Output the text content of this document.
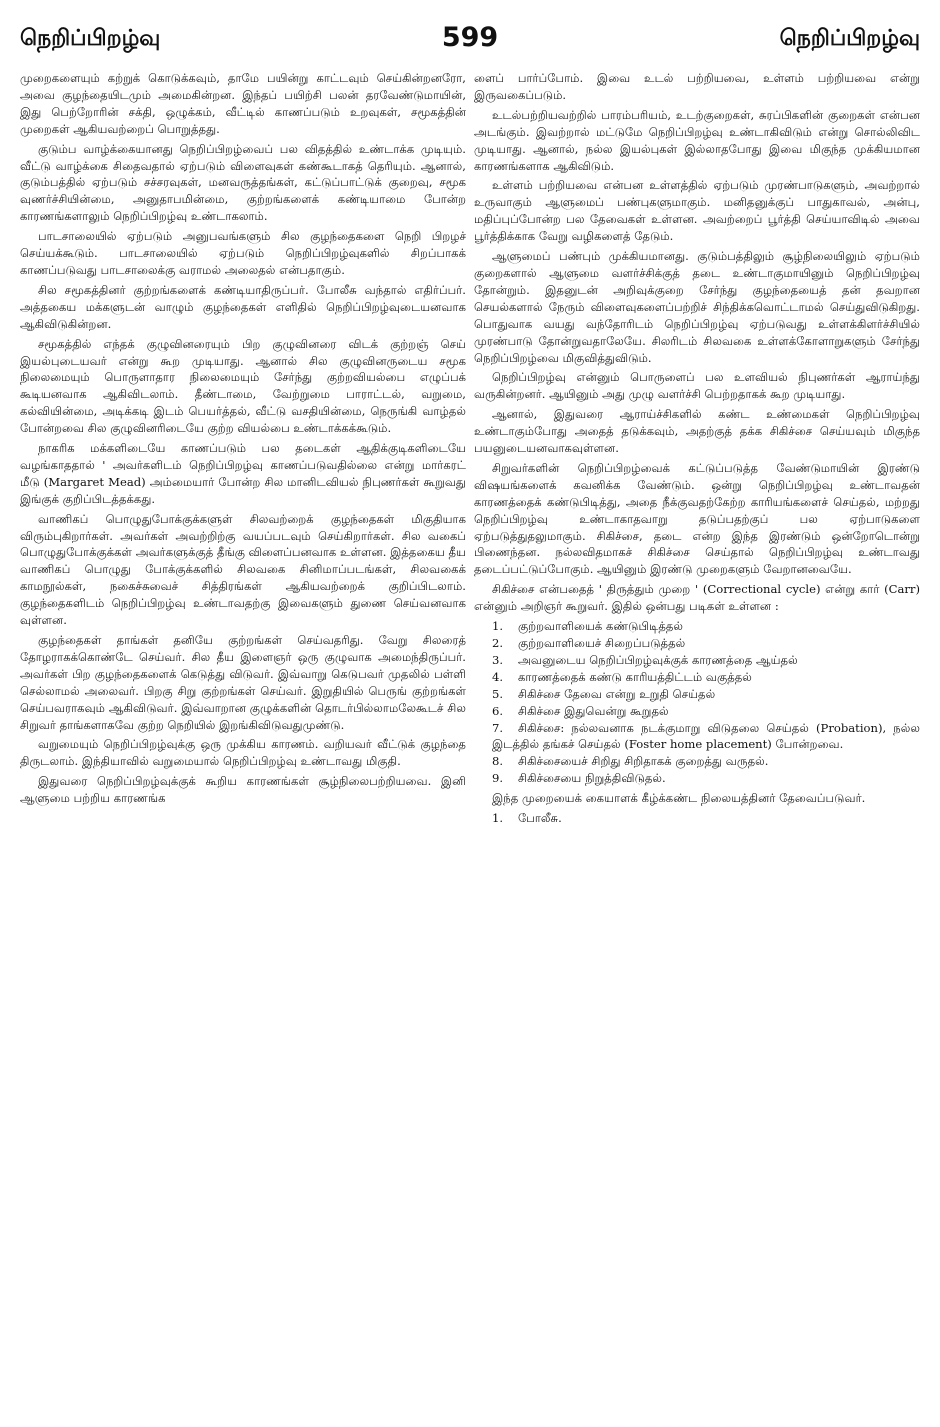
நெறிப்பிறழ்வு	599	நெறிப்பிறழ்வு

முறைகளையும் கற்றுக் கொடுக்கவும், தாமே பயின்று காட்டவும் செய்கின்றனரோ, அவை குழந்தையிடமும் அமைகின்றன. இந்தப் பயிற்சி பலன் தரவேண்டுமாயின், இது பெற்றோரின் சக்தி, ஒழுக்கம், வீட்டில் காணப்படும் உறவுகள், சமூகத்தின் முறைகள் ஆகியவற்றைப் பொறுத்தது.

குடும்ப வாழ்க்கையானது நெறிப்பிறழ்வைப் பல விதத்தில் உண்டாக்க முடியும். வீட்டு வாழ்க்கை சிதைவதால் ஏற்படும் விளைவுகள் கண்கூடாகத் தெரியும். ஆனால், குடும்பத்தில் ஏற்படும் சச்சரவுகள், மனவருத்தங்கள், கட்டுப்பாட்டுக் குறைவு, சமூக வுணர்ச்சியின்மை, அனுதாபமின்மை, குற்றங்களைக் கண்டியாமை போன்ற காரணங்களாலும் நெறிப்பிறழ்வு உண்டாகலாம்.

பாடசாலையில் ஏற்படும் அனுபவங்களும் சில குழந்தைகளை நெறி பிறழச் செய்யக்கூடும். பாடசாலையில் ஏற்படும் நெறிப்பிறழ்வுகளில் சிறப்பாகக் காணப்படுவது பாடசாலைக்கு வராமல் அலைதல் என்பதாகும்.

சில சமூகத்தினர் குற்றங்களைக் கண்டியாதிருப்பர். போலீசு வந்தால் எதிர்ப்பர். அத்தகைய மக்களுடன் வாழும் குழந்தைகள் எளிதில் நெறிப்பிறழ்வுடையனவாக ஆகிவிடுகின்றன.

சமூகத்தில் எந்தக் குழுவினரையும் பிற குழுவினரை விடக் குற்றஞ் செய் இயல்புடையவர் என்று கூற முடியாது. ஆனால் சில குழுவினருடைய சமூக நிலைமையும் பொருளாதார நிலைமையும் சேர்ந்து குற்றவியல்பை எழுப்பக் கூடியனவாக ஆகிவிடலாம். தீண்டாமை, வேற்றுமை பாராட்டல், வறுமை, கல்வியின்மை, அடிக்கடி இடம் பெயர்த்தல், வீட்டு வசதியின்மை, நெருங்கி வாழ்தல் போன்றவை சில குழுவினரிடையே குற்ற வியல்பை உண்டாக்கக்கூடும்.

நாகரிக மக்களிடையே காணப்படும் பல தடைகள் ஆதிக்குடிகளிடையே வழங்காததால் ' அவர்களிடம் நெறிப்பிறழ்வு காணப்படுவதில்லை என்று மார்கரட் மீடு (Margaret Mead) அம்மையார் போன்ற சில மானிடவியல் நிபுணர்கள் கூறுவது இங்குக் குறிப்பிடத்தக்கது.

வாணிகப் பொழுதுபோக்குக்களுள் சிலவற்றைக் குழந்தைகள் மிகுதியாக விரும்புகிறார்கள். அவர்கள் அவற்றிற்கு வயப்படவும் செய்கிறார்கள். சில வகைப் பொழுதுபோக்குக்கள் அவர்களுக்குத் தீங்கு விளைப்பனவாக உள்ளன. இத்தகைய தீய வாணிகப் பொழுது போக்குக்களில் சிலவகை சினிமாப்படங்கள், சிலவகைக் காமநூல்கள், நகைச்சுவைச் சித்திரங்கள் ஆகியவற்றைக் குறிப்பிடலாம். குழந்தைகளிடம் நெறிப்பிறழ்வு உண்டாவதற்கு இவைகளும் துணை செய்வனவாக வுள்ளன.

குழந்தைகள் தாங்கள் தனியே குற்றங்கள் செய்வதரிது. வேறு சிலரைத் தோழராகக்கொண்டே செய்வர். சில தீய இளைஞர் ஒரு குழுவாக அமைந்திருப்பர். அவர்கள் பிற குழந்தைகளைக் கெடுத்து விடுவர். இவ்வாறு கெடுபவர் முதலில் பள்ளி செல்லாமல் அலைவர். பிறகு சிறு குற்றங்கள் செய்வர். இறுதியில் பெருங் குற்றங்கள் செய்பவராகவும் ஆகிவிடுவர். இவ்வாறான குழுக்களின் தொடர்பில்லாமலேகூடச் சில சிறுவர் தாங்களாகவே குற்ற நெறியில் இறங்கிவிடுவதுமுண்டு.

வறுமையும் நெறிப்பிறழ்வுக்கு ஒரு முக்கிய காரணம். வறியவர் வீட்டுக் குழந்தை திருடலாம். இந்தியாவில் வறுமையால் நெறிப்பிறழ்வு உண்டாவது மிகுதி.

இதுவரை நெறிப்பிறழ்வுக்குக் கூறிய காரணங்கள் சூழ்நிலைபற்றியவை. இனி ஆளுமை பற்றிய காரணங்க

ளைப் பார்ப்போம். இவை உடல் பற்றியவை, உள்ளம் பற்றியவை என்று இருவகைப்படும்.

உடல்பற்றியவற்றில் பாரம்பரியம், உடற்குறைகள், சுரப்பிகளின் குறைகள் என்பன அடங்கும். இவற்றால் மட்டுமே நெறிப்பிறழ்வு உண்டாகிவிடும் என்று சொல்லிவிட முடியாது. ஆனால், நல்ல இயல்புகள் இல்லாதபோது இவை மிகுந்த முக்கியமான காரணங்களாக ஆகிவிடும்.

உள்ளம் பற்றியவை என்பன உள்ளத்தில் ஏற்படும் முரண்பாடுகளும், அவற்றால் உருவாகும் ஆளுமைப் பண்புகளுமாகும். மனிதனுக்குப் பாதுகாவல், அன்பு, மதிப்புப்போன்ற பல தேவைகள் உள்ளன. அவற்றைப் பூர்த்தி செய்யாவிடில் அவை பூர்த்திக்காக வேறு வழிகளைத் தேடும்.

ஆளுமைப் பண்பும் முக்கியமானது. குடும்பத்திலும் சூழ்நிலையிலும் ஏற்படும் குறைகளால் ஆளுமை வளர்ச்சிக்குத் தடை உண்டாகுமாயினும் நெறிப்பிறழ்வு தோன்றும். இதனுடன் அறிவுக்குறை சேர்ந்து குழந்தையைத் தன் தவறான செயல்களால் நேரும் விளைவுகளைப்பற்றிச் சிந்திக்கவொட்டாமல் செய்துவிடுகிறது. பொதுவாக வயது வந்தோரிடம் நெறிப்பிறழ்வு ஏற்படுவது உள்ளக்கிளர்ச்சியில் முரண்பாடு தோன்றுவதாலேயே. சிலரிடம் சிலவகை உள்ளக்கோளாறுகளும் சேர்ந்து நெறிப்பிறழ்வை மிகுவித்துவிடும்.

நெறிப்பிறழ்வு என்னும் பொருளைப் பல உளவியல் நிபுணர்கள் ஆராய்ந்து வருகின்றனர். ஆயினும் அது முழு வளர்ச்சி பெற்றதாகக் கூற முடியாது.

ஆனால், இதுவரை ஆராய்ச்சிகளில் கண்ட உண்மைகள் நெறிப்பிறழ்வு உண்டாகும்போது அதைத் தடுக்கவும், அதற்குத் தக்க சிகிச்சை செய்யவும் மிகுந்த பயனுடையனவாகவுள்ளன.

சிறுவர்களின் நெறிப்பிறழ்வைக் கட்டுப்படுத்த வேண்டுமாயின் இரண்டு விஷயங்களைக் கவனிக்க வேண்டும். ஒன்று நெறிப்பிறழ்வு உண்டாவதன் காரணத்தைக் கண்டுபிடித்து, அதை நீக்குவதற்கேற்ற காரியங்களைச் செய்தல், மற்றது நெறிப்பிறழ்வு உண்டாகாதவாறு தடுப்பதற்குப் பல ஏற்பாடுகளை ஏற்படுத்துதலுமாகும். சிகிச்சை, தடை என்ற இந்த இரண்டும் ஒன்றோடொன்று பிணைந்தன. நல்லவிதமாகச் சிகிச்சை செய்தால் நெறிப்பிறழ்வு உண்டாவது தடைப்பட்டுப்போகும். ஆயினும் இரண்டு முறைகளும் வேறானவையே.

சிகிச்சை என்பதைத் ' திருத்தும் முறை ' (Correctional cycle) என்று கார் (Carr) என்னும் அறிஞர் கூறுவர். இதில் ஒன்பது படிகள் உள்ளன :

1. குற்றவாளியைக் கண்டுபிடித்தல்
2. குற்றவாளியைச் சிறைப்படுத்தல்
3. அவனுடைய நெறிப்பிறழ்வுக்குக் காரணத்தை ஆய்தல்
4. காரணத்தைக் கண்டு காரியத்திட்டம் வகுத்தல்
5. சிகிச்சை தேவை என்று உறுதி செய்தல்
6. சிகிச்சை இதுவென்று கூறுதல்
7. சிகிச்சை: நல்லவனாக நடக்குமாறு விடுதலை செய்தல் (Probation), நல்ல இடத்தில் தங்கச் செய்தல் (Foster home placement) போன்றவை.
8. சிகிச்சையைச் சிறிது சிறிதாகக் குறைத்து வருதல்.
9. சிகிச்சையை நிறுத்திவிடுதல்.

இந்த முறையைக் கையாளக் கீழ்க்கண்ட நிலையத்தினர் தேவைப்படுவர்.

1. போலீசு.
